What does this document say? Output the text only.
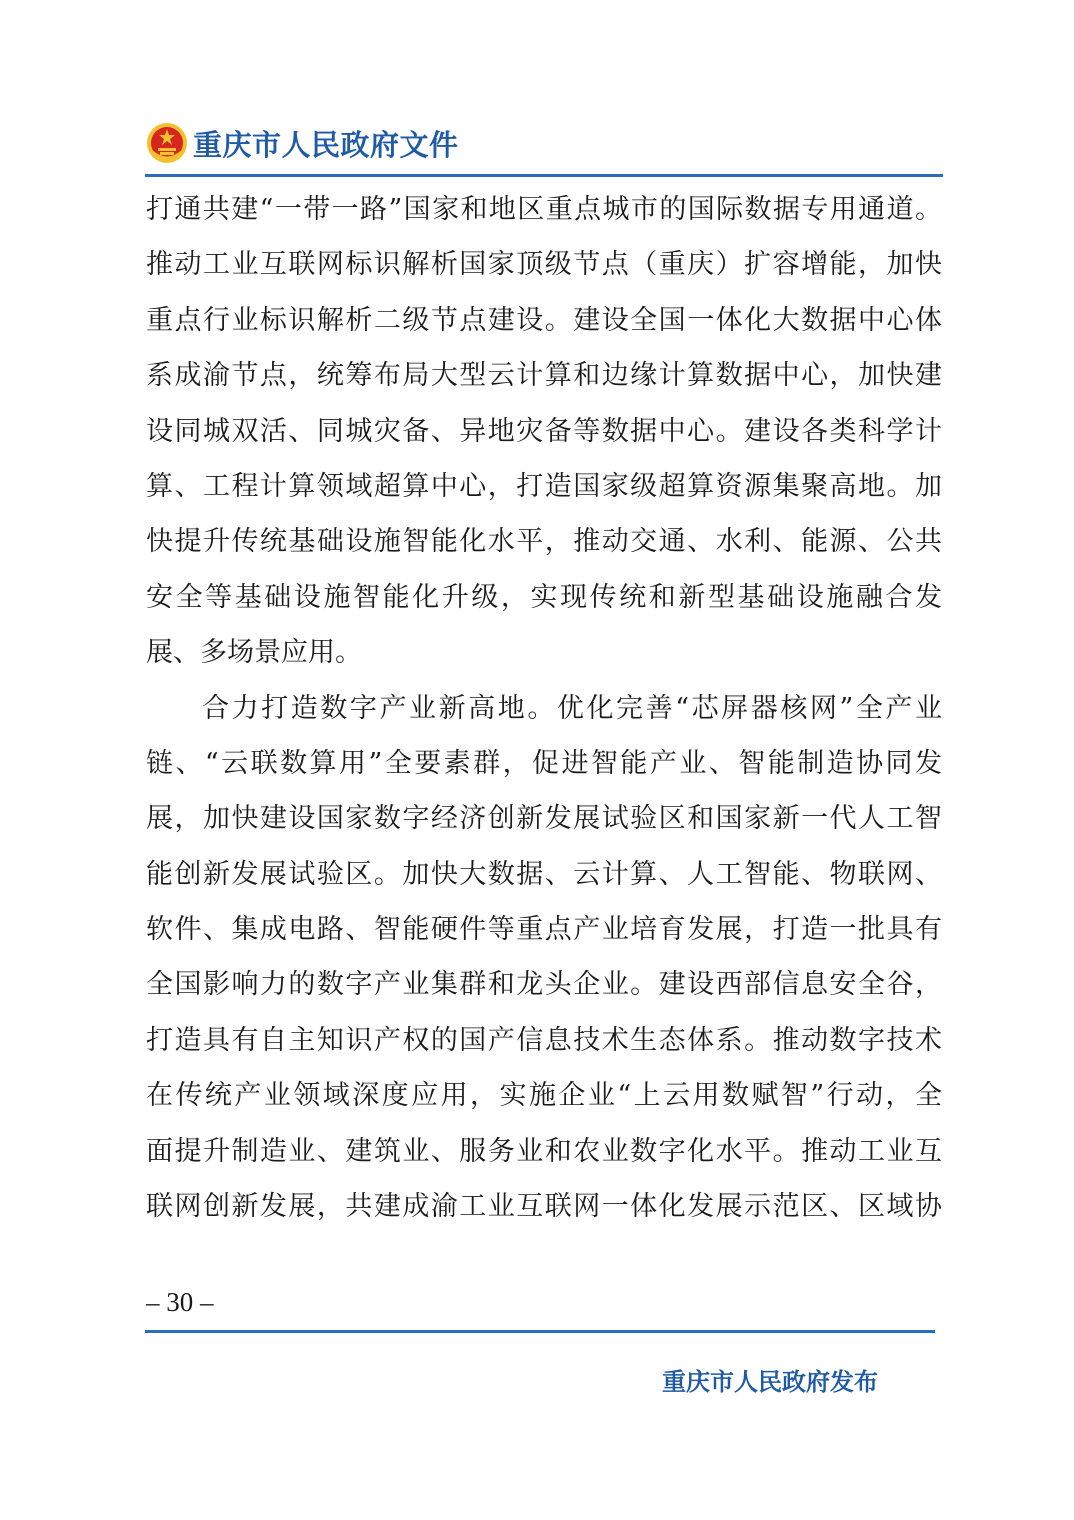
重庆市人民政府文件
打通共建“一带一路”国家和地区重点城市的国际数据专用通道。
推动工业互联网标识解析国家顶级节点（重庆）扩容增能，加快
重点行业标识解析二级节点建设。建设全国一体化大数据中心体
系成渝节点，统筹布局大型云计算和边缘计算数据中心，加快建
设同城双活、同城灾备、异地灾备等数据中心。建设各类科学计
算、工程计算领域超算中心，打造国家级超算资源集聚高地。加
快提升传统基础设施智能化水平，推动交通、水利、能源、公共
安全等基础设施智能化升级，实现传统和新型基础设施融合发
展、多场景应用。
合力打造数字产业新高地。优化完善“芯屏器核网”全产业
链、“云联数算用”全要素群，促进智能产业、智能制造协同发
展，加快建设国家数字经济创新发展试验区和国家新一代人工智
能创新发展试验区。加快大数据、云计算、人工智能、物联网、
软件、集成电路、智能硬件等重点产业培育发展，打造一批具有
全国影响力的数字产业集群和龙头企业。建设西部信息安全谷，
打造具有自主知识产权的国产信息技术生态体系。推动数字技术
在传统产业领域深度应用，实施企业“上云用数赋智”行动，全
面提升制造业、建筑业、服务业和农业数字化水平。推动工业互
联网创新发展，共建成渝工业互联网一体化发展示范区、区域协
– 30 –
重庆市人民政府发布
